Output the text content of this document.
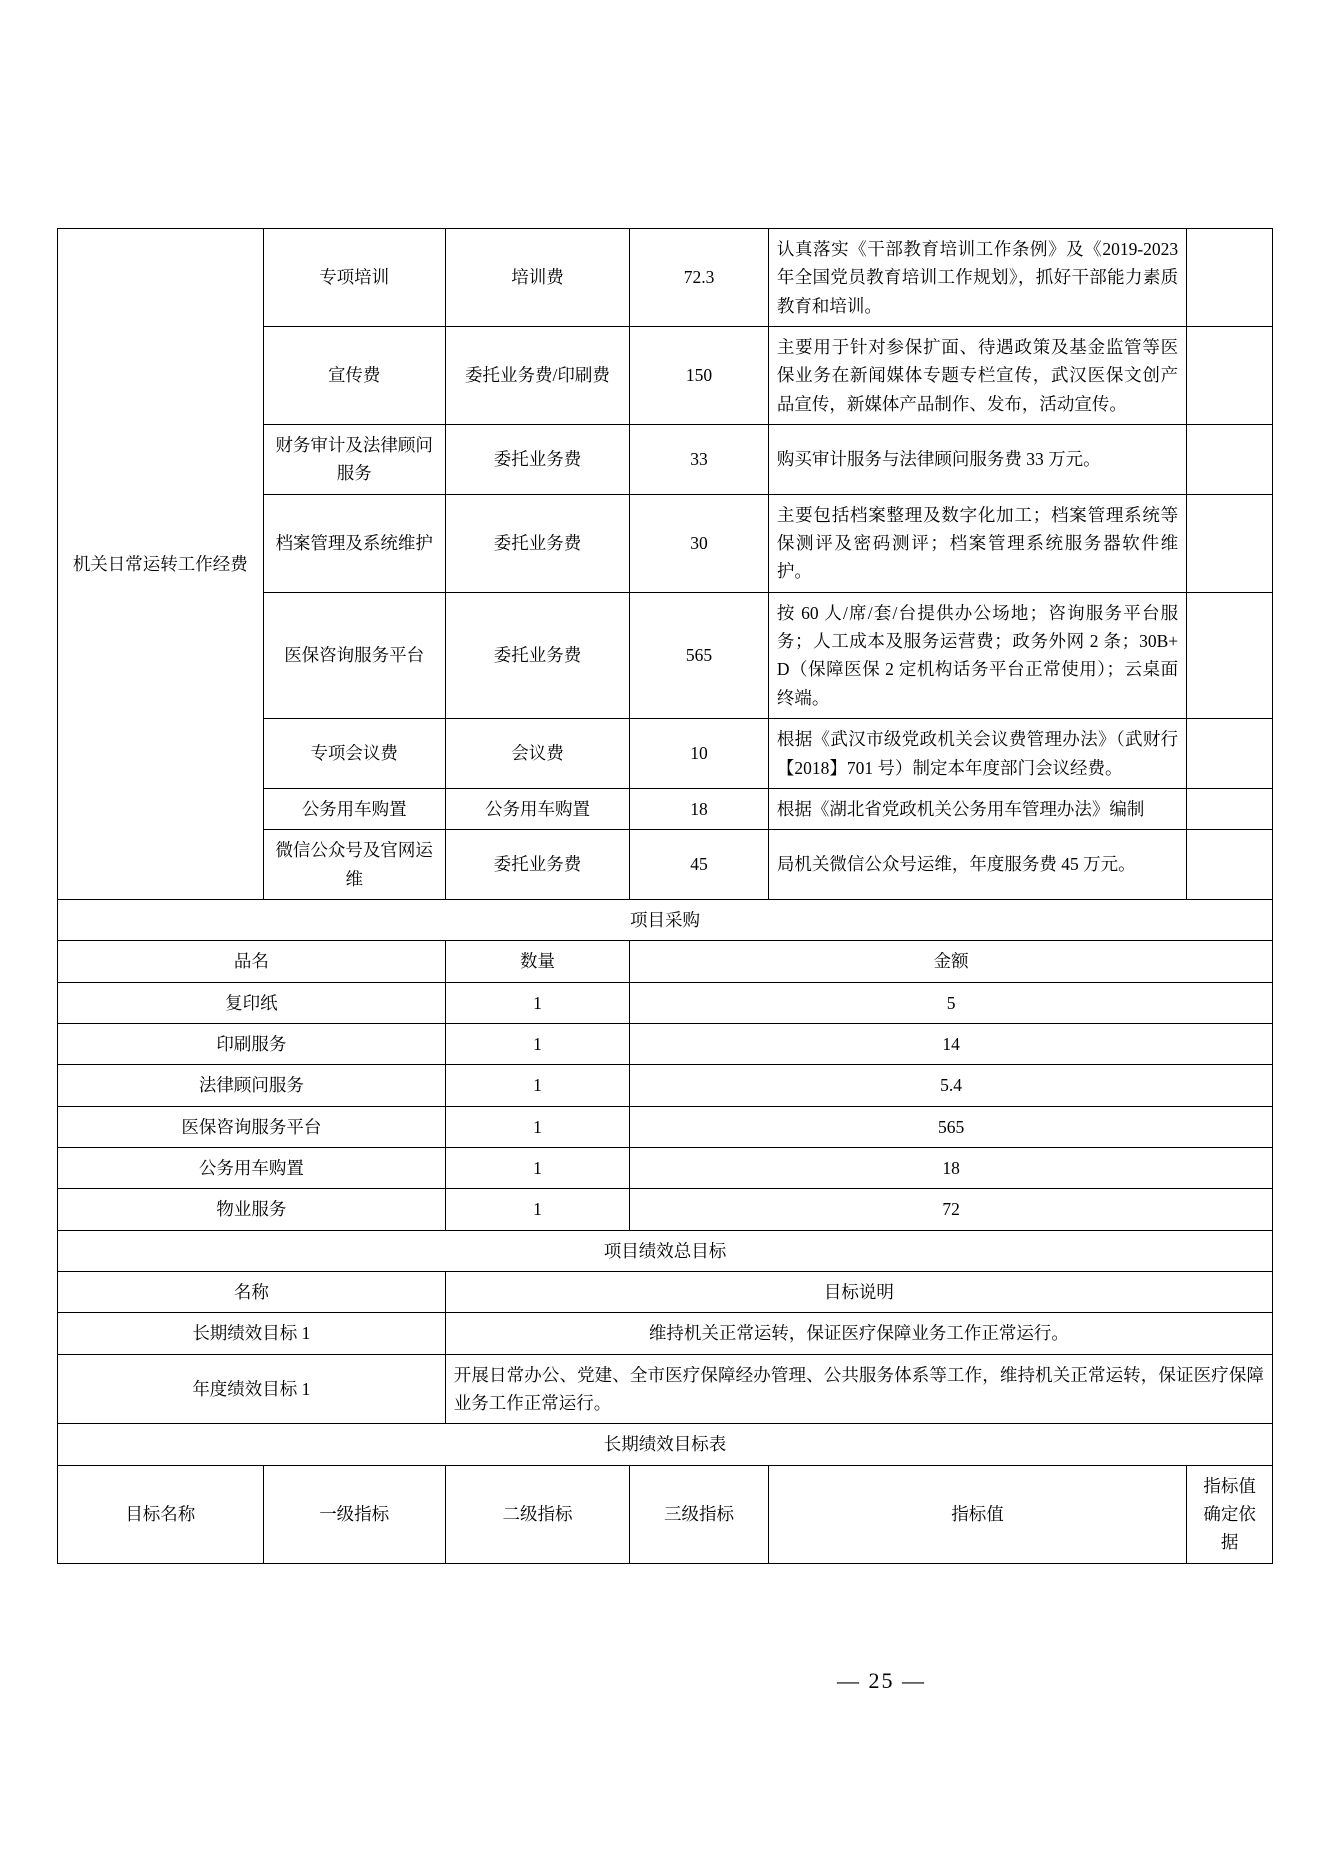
机关日常运转工作经费	专项培训	培训费	72.3	认真落实《干部教育培训工作条例》及《2019-2023 年全国党员教育培训工作规划》，抓好干部能力素质教育和培训。	
	宣传费	委托业务费/印刷费	150	主要用于针对参保扩面、待遇政策及基金监管等医保业务在新闻媒体专题专栏宣传，武汉医保文创产品宣传，新媒体产品制作、发布，活动宣传。	
	财务审计及法律顾问服务	委托业务费	33	购买审计服务与法律顾问服务费 33 万元。	
	档案管理及系统维护	委托业务费	30	主要包括档案整理及数字化加工；档案管理系统等保测评及密码测评；档案管理系统服务器软件维护。	
	医保咨询服务平台	委托业务费	565	按 60 人/席/套/台提供办公场地；咨询服务平台服务；人工成本及服务运营费；政务外网 2 条；30B+D（保障医保 2 定机构话务平台正常使用）；云桌面终端。	
	专项会议费	会议费	10	根据《武汉市级党政机关会议费管理办法》（武财行【2018】701 号）制定本年度部门会议经费。	
	公务用车购置	公务用车购置	18	根据《湖北省党政机关公务用车管理办法》编制	
	微信公众号及官网运维	委托业务费	45	局机关微信公众号运维，年度服务费 45 万元。	
项目采购					
品名		数量	金额		
复印纸		1	5		
印刷服务		1	14		
法律顾问服务		1	5.4		
医保咨询服务平台		1	565		
公务用车购置		1	18		
物业服务		1	72		
项目绩效总目标					
名称		目标说明			
长期绩效目标 1		维持机关正常运转，保证医疗保障业务工作正常运行。			
年度绩效目标 1		开展日常办公、党建、全市医疗保障经办管理、公共服务体系等工作，维持机关正常运转，保证医疗保障业务工作正常运行。			
长期绩效目标表					
目标名称	一级指标	二级指标	三级指标	指标值	指标值确定依据
— 25 —
